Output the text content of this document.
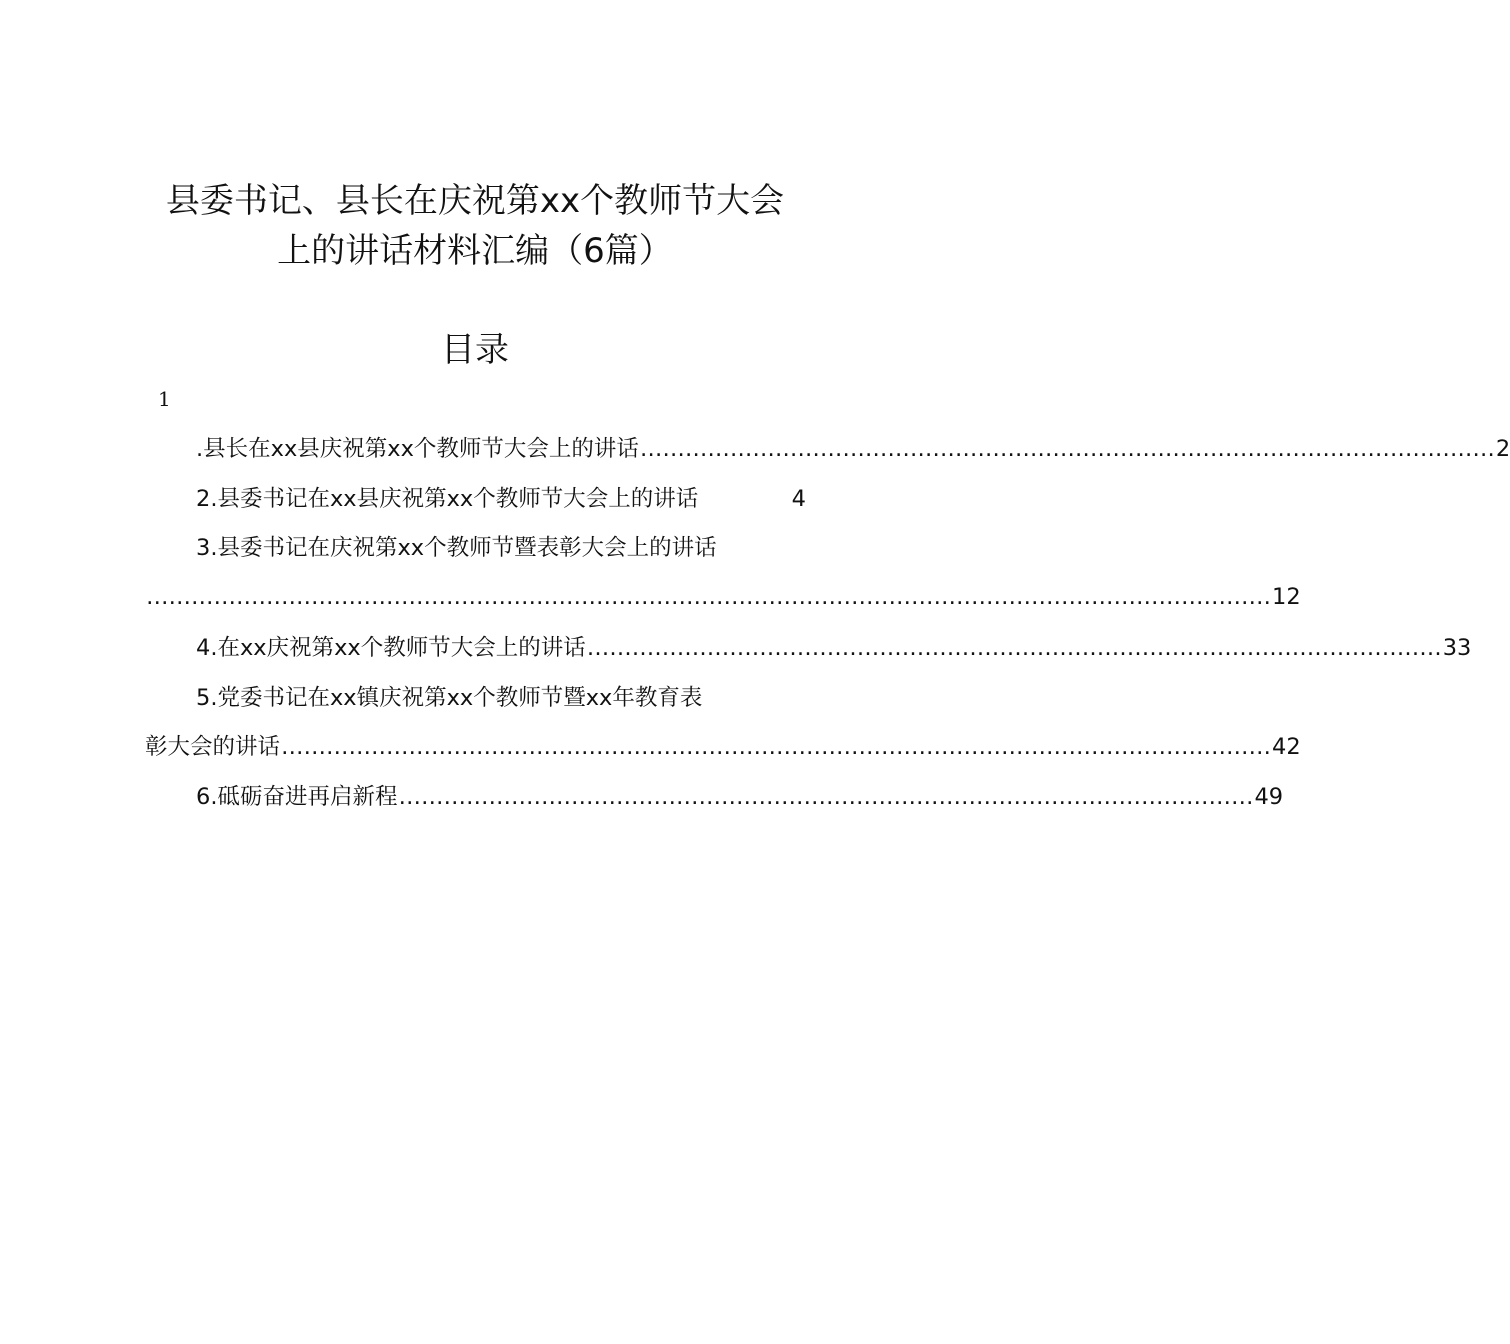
县委书记、县长在庆祝第xx个教师节大会
上的讲话材料汇编（6篇）
目录
1
.县长在xx县庆祝第xx个教师节大会上的讲话 …………………………………………………………………………………………………… 2
2.县委书记在xx县庆祝第xx个教师节大会上的讲话	4
3.县委书记在庆祝第xx个教师节暨表彰大会上的讲话
…………………………………………………………………………………………………………………………………… 12
4.在xx庆祝第xx个教师节大会上的讲话 …………………………………………………………………………………………………… 33
5.党委书记在xx镇庆祝第xx个教师节暨xx年教育表
彰大会的讲话 …………………………………………………………………………………………………………………… 42
6.砥砺奋进再启新程 …………………………………………………………………………………………………… 49
